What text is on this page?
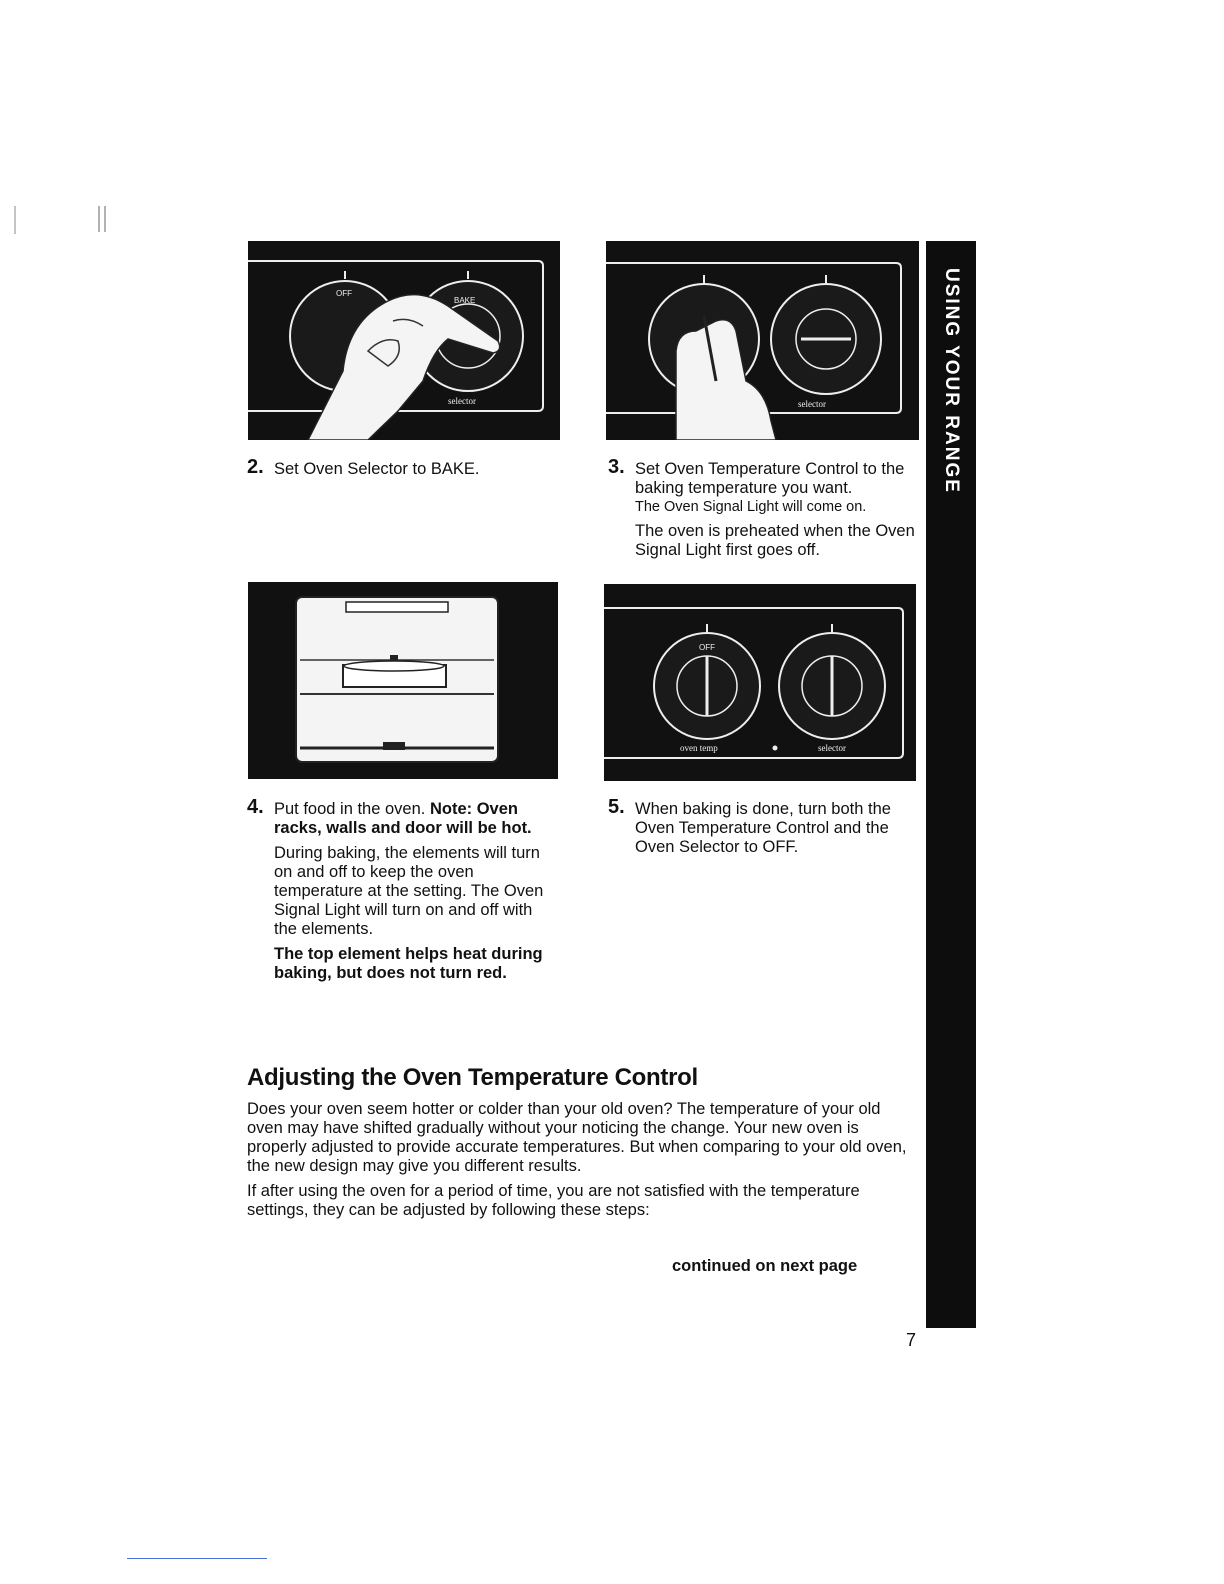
USING YOUR RANGE
OFF
BAKE
selector	selector
OFF
oven temp	selector
2. Set Oven Selector to BAKE.	3. Set Oven Temperature Control to the baking temperature you want.

The Oven Signal Light will come on.

The oven is preheated when the Oven Signal Light first goes off.

4. Put food in the oven. Note: Oven racks, walls and door will be hot.

During baking, the elements will turn on and off to keep the oven temperature at the setting. The Oven Signal Light will turn on and off with the elements.

The top element helps heat during baking, but does not turn red.

5. When baking is done, turn both the Oven Temperature Control and the Oven Selector to OFF.

Adjusting the Oven Temperature Control

Does your oven seem hotter or colder than your old oven? The temperature of your old oven may have shifted gradually without your noticing the change. Your new oven is properly adjusted to provide accurate temperatures. But when comparing to your old oven, the new design may give you different results.

If after using the oven for a period of time, you are not satisfied with the temperature settings, they can be adjusted by following these steps:

continued on next page
7
